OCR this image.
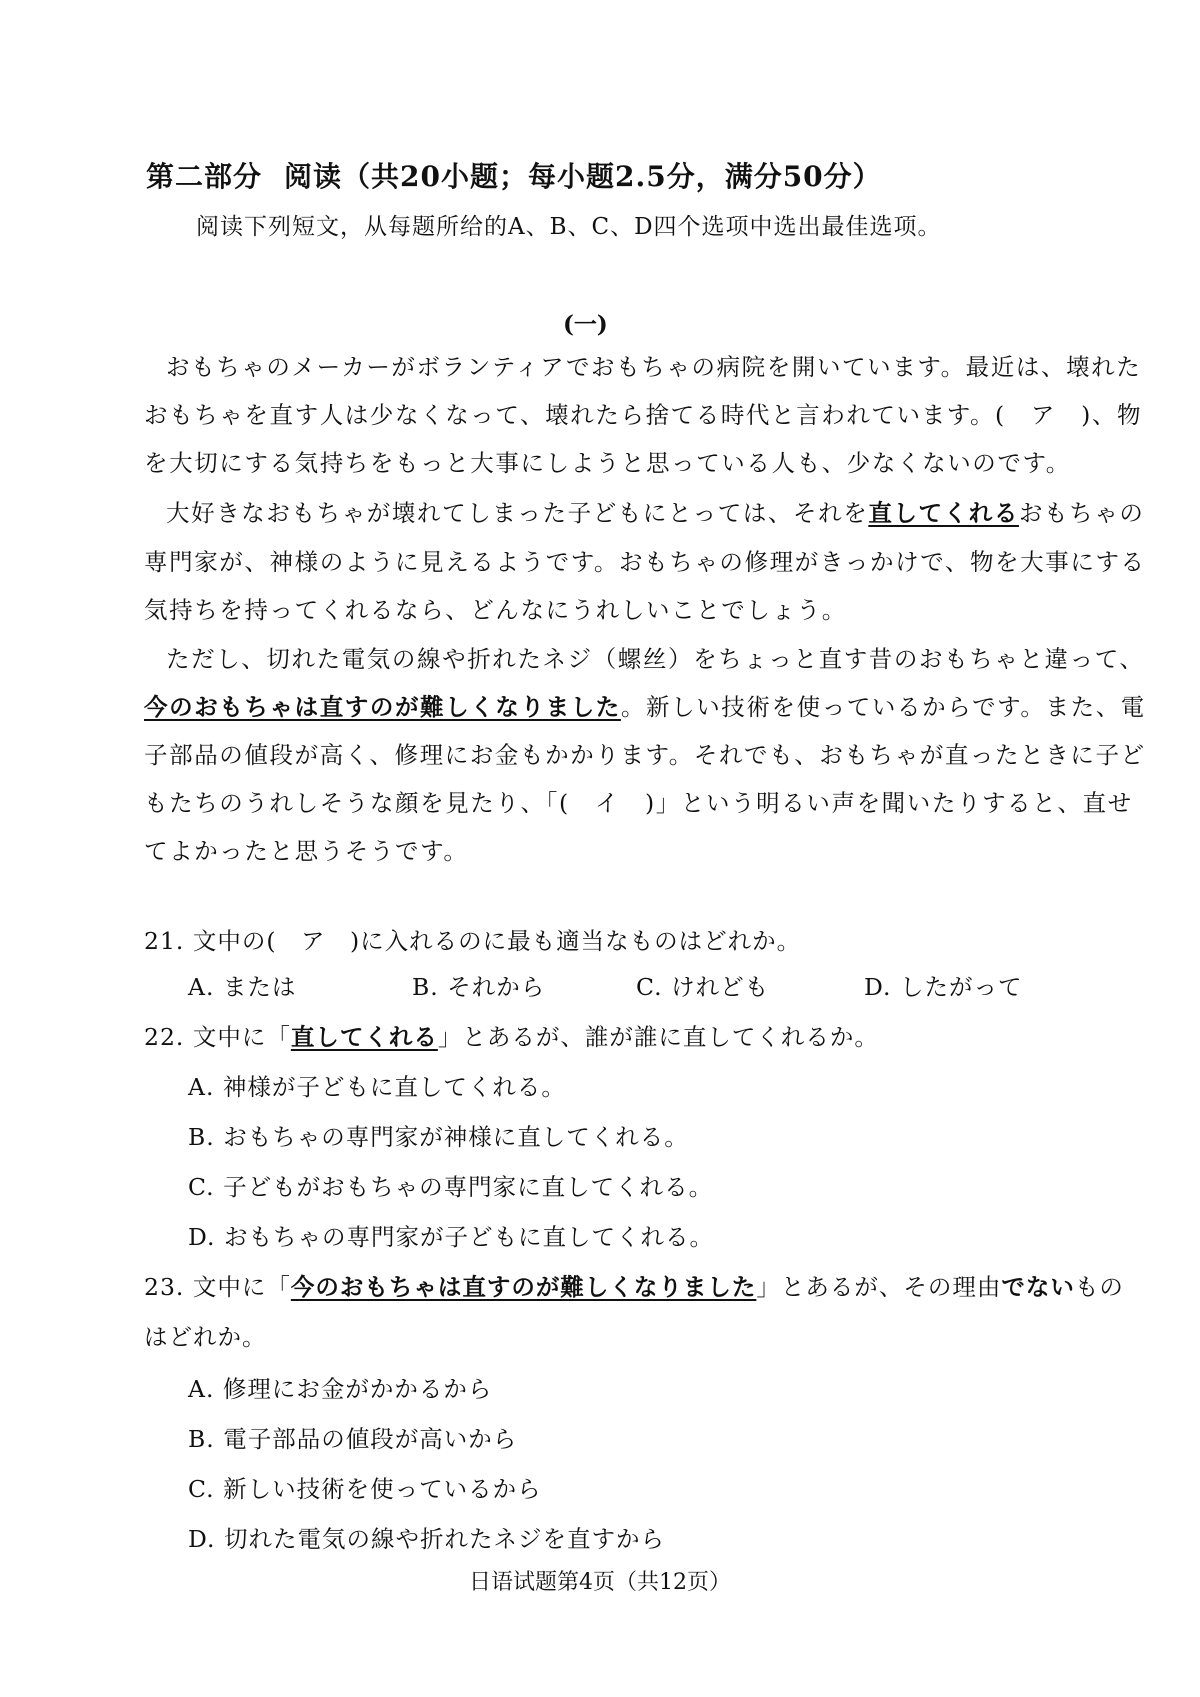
第二部分 阅读（共20小题；每小题2.5分，满分50分）
阅读下列短文，从每题所给的A、B、C、D四个选项中选出最佳选项。
(一)
おもちゃのメーカーがボランティアでおもちゃの病院を開いています。最近は、壊れた
おもちゃを直す人は少なくなって、壊れたら捨てる時代と言われています。(　ア　)、物
を大切にする気持ちをもっと大事にしようと思っている人も、少なくないのです。
大好きなおもちゃが壊れてしまった子どもにとっては、それを直してくれるおもちゃの
専門家が、神様のように見えるようです。おもちゃの修理がきっかけで、物を大事にする
気持ちを持ってくれるなら、どんなにうれしいことでしょう。
ただし、切れた電気の線や折れたネジ（螺丝）をちょっと直す昔のおもちゃと違って、
今のおもちゃは直すのが難しくなりました。新しい技術を使っているからです。また、電
子部品の値段が高く、修理にお金もかかります。それでも、おもちゃが直ったときに子ど
もたちのうれしそうな顔を見たり、「(　イ　)」という明るい声を聞いたりすると、直せ
てよかったと思うそうです。
21. 文中の(　ア　)に入れるのに最も適当なものはどれか。
A. または	B. それから	C. けれども	D. したがって
22. 文中に「直してくれる」とあるが、誰が誰に直してくれるか。
A. 神様が子どもに直してくれる。
B. おもちゃの専門家が神様に直してくれる。
C. 子どもがおもちゃの専門家に直してくれる。
D. おもちゃの専門家が子どもに直してくれる。
23. 文中に「今のおもちゃは直すのが難しくなりました」とあるが、その理由でないもの
はどれか。
A. 修理にお金がかかるから
B. 電子部品の値段が高いから
C. 新しい技術を使っているから
D. 切れた電気の線や折れたネジを直すから
日语试题第4页（共12页）
